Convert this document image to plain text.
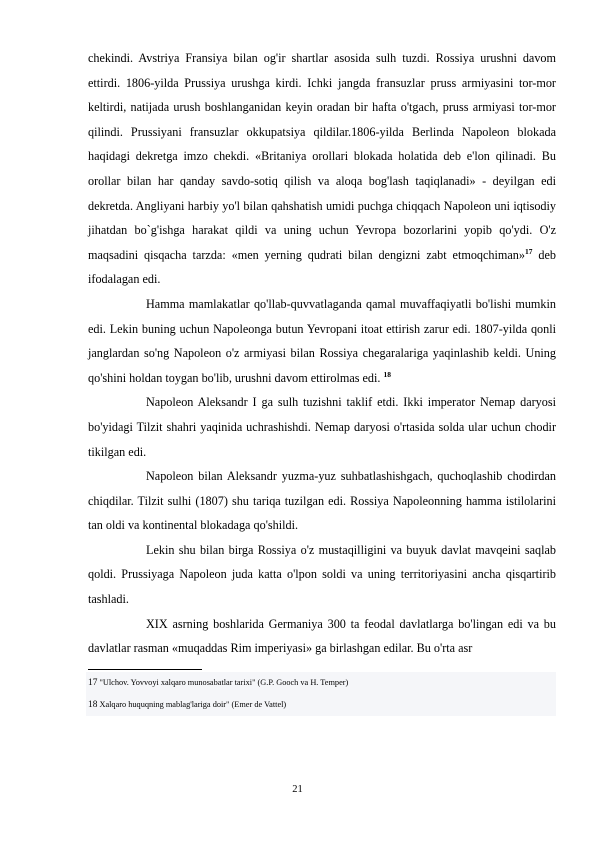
chekindi. Avstriya Fransiya bilan og'ir shartlar asosida sulh tuzdi. Rossiya urushni davom ettirdi. 1806-yilda Prussiya urushga kirdi. Ichki jangda fransuzlar pruss armiyasini tor-mor keltirdi, natijada urush boshlanganidan keyin oradan bir hafta o'tgach, pruss armiyasi tor-mor qilindi. Prussiyani fransuzlar okkupatsiya qildilar.1806-yilda Berlinda Napoleon blokada haqidagi dekretga imzo chekdi. «Britaniya orollari blokada holatida deb e'lon qilinadi. Bu orollar bilan har qanday savdo-sotiq qilish va aloqa bog'lash taqiqlanadi» - deyilgan edi dekretda. Angliyani harbiy yo'l bilan qahshatish umidi puchga chiqqach Napoleon uni iqtisodiy jihatdan bo`g'ishga harakat qildi va uning uchun Yevropa bozorlarini yopib qo'ydi. O'z maqsadini qisqacha tarzda: «men yerning qudrati bilan dengizni zabt etmoqchiman»$^{17}$ deb ifodalagan edi.

Hamma mamlakatlar qo'llab-quvvatlaganda qamal muvaffaqiyatli bo'lishi mumkin edi. Lekin buning uchun Napoleonga butun Yevropani itoat ettirish zarur edi. 1807-yilda qonli janglardan so'ng Napoleon o'z armiyasi bilan Rossiya chegaralariga yaqinlashib keldi. Uning qo'shini holdan toygan bo'lib, urushni davom ettirolmas edi. $^{18}$

Napoleon Aleksandr I ga sulh tuzishni taklif etdi. Ikki imperator Nemap daryosi bo'yidagi Tilzit shahri yaqinida uchrashishdi. Nemap daryosi o'rtasida solda ular uchun chodir tikilgan edi.

Napoleon bilan Aleksandr yuzma-yuz suhbatlashishgach, quchoqlashib chodirdan chiqdilar. Tilzit sulhi (1807) shu tariqa tuzilgan edi. Rossiya Napoleonning hamma istilolarini tan oldi va kontinental blokadaga qo'shildi.

Lekin shu bilan birga Rossiya o'z mustaqilligini va buyuk davlat mavqeini saqlab qoldi. Prussiyaga Napoleon juda katta o'lpon soldi va uning territoriyasini ancha qisqartirib tashladi.

XIX asrning boshlarida Germaniya 300 ta feodal davlatlarga bo'lingan edi va bu davlatlar rasman «muqaddas Rim imperiyasi» ga birlashgan edilar. Bu o'rta asr

17 "Ulchov. Yovvoyi xalqaro munosabatlar tarixi" (G.P. Gooch va H. Temper)
18 Xalqaro huquqning mablag'lariga doir" (Emer de Vattel)
21
